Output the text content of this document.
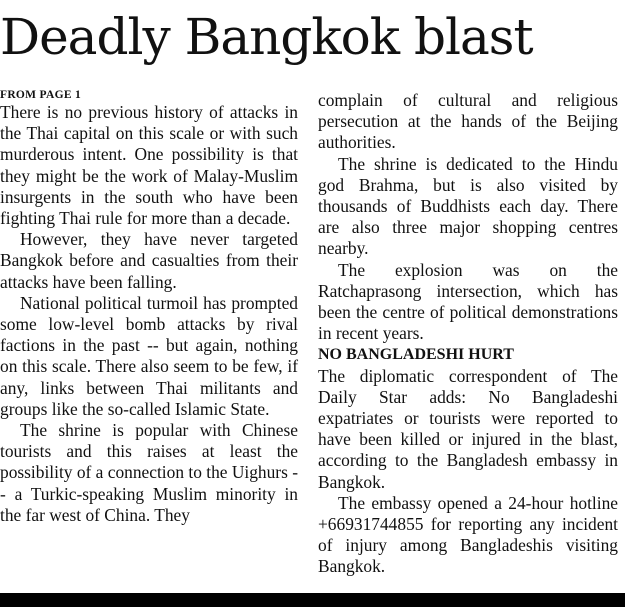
Deadly Bangkok blast
FROM PAGE 1

There is no previous history of attacks in the Thai capital on this scale or with such murderous intent. One possibility is that they might be the work of Malay-Muslim insurgents in the south who have been fighting Thai rule for more than a decade.

However, they have never targeted Bangkok before and casualties from their attacks have been falling.

National political turmoil has prompted some low-level bomb attacks by rival factions in the past -- but again, nothing on this scale. There also seem to be few, if any, links between Thai militants and groups like the so-called Islamic State.

The shrine is popular with Chinese tourists and this raises at least the possibility of a connection to the Uighurs -- a Turkic-speaking Muslim minority in the far west of China. They

complain of cultural and religious persecution at the hands of the Beijing authorities.

The shrine is dedicated to the Hindu god Brahma, but is also visited by thousands of Buddhists each day. There are also three major shopping centres nearby.

The explosion was on the Ratchaprasong intersection, which has been the centre of political demonstrations in recent years.

NO BANGLADESHI HURT

The diplomatic correspondent of The Daily Star adds: No Bangladeshi expatriates or tourists were reported to have been killed or injured in the blast, according to the Bangladesh embassy in Bangkok.

The embassy opened a 24-hour hotline +66931744855 for reporting any incident of injury among Bangladeshis visiting Bangkok.
